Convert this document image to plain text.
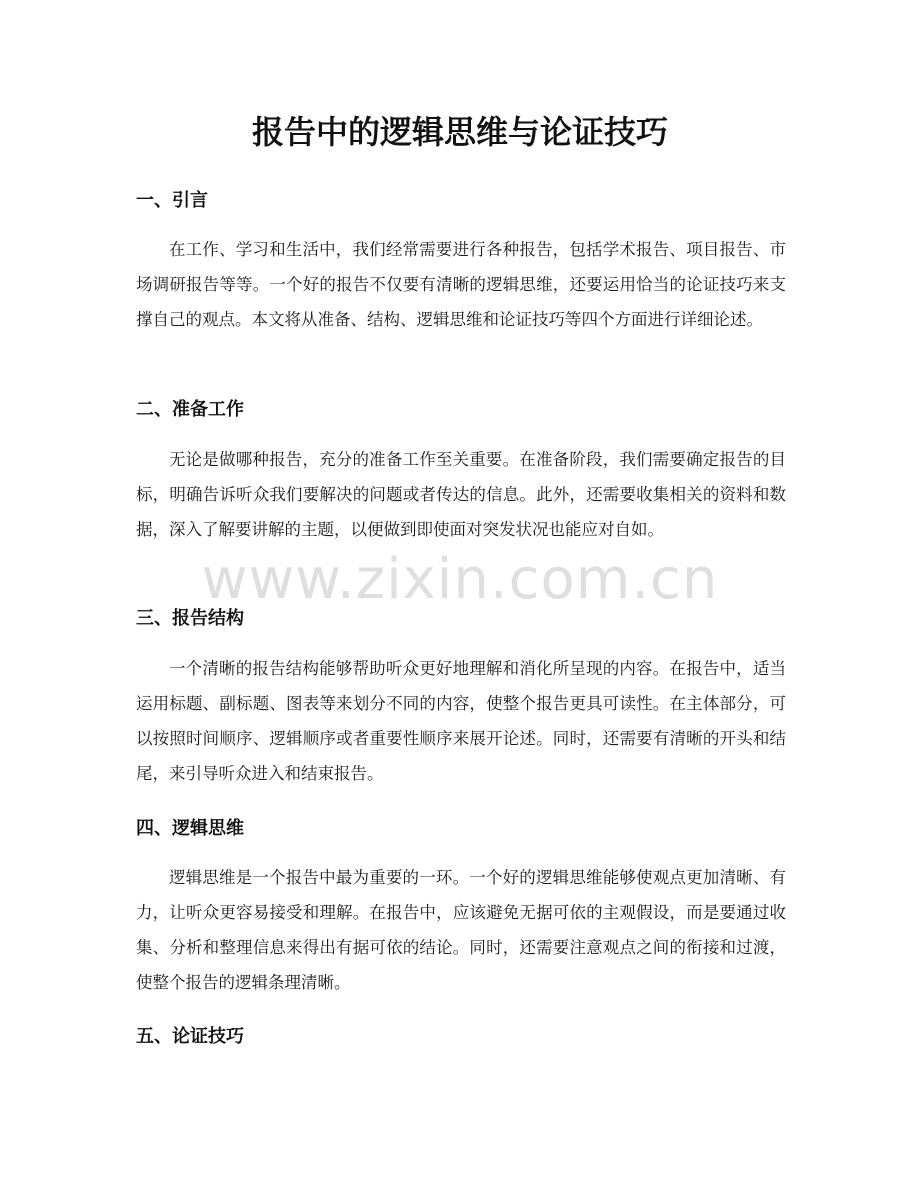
报告中的逻辑思维与论证技巧
一、引言

在工作、学习和生活中，我们经常需要进行各种报告，包括学术报告、项目报告、市场调研报告等等。一个好的报告不仅要有清晰的逻辑思维，还要运用恰当的论证技巧来支撑自己的观点。本文将从准备、结构、逻辑思维和论证技巧等四个方面进行详细论述。

二、准备工作

无论是做哪种报告，充分的准备工作至关重要。在准备阶段，我们需要确定报告的目标，明确告诉听众我们要解决的问题或者传达的信息。此外，还需要收集相关的资料和数据，深入了解要讲解的主题，以便做到即使面对突发状况也能应对自如。

三、报告结构

一个清晰的报告结构能够帮助听众更好地理解和消化所呈现的内容。在报告中，适当运用标题、副标题、图表等来划分不同的内容，使整个报告更具可读性。在主体部分，可以按照时间顺序、逻辑顺序或者重要性顺序来展开论述。同时，还需要有清晰的开头和结尾，来引导听众进入和结束报告。

四、逻辑思维

逻辑思维是一个报告中最为重要的一环。一个好的逻辑思维能够使观点更加清晰、有力，让听众更容易接受和理解。在报告中，应该避免无据可依的主观假设，而是要通过收集、分析和整理信息来得出有据可依的结论。同时，还需要注意观点之间的衔接和过渡，使整个报告的逻辑条理清晰。

五、论证技巧
www.zixin.com.cn
